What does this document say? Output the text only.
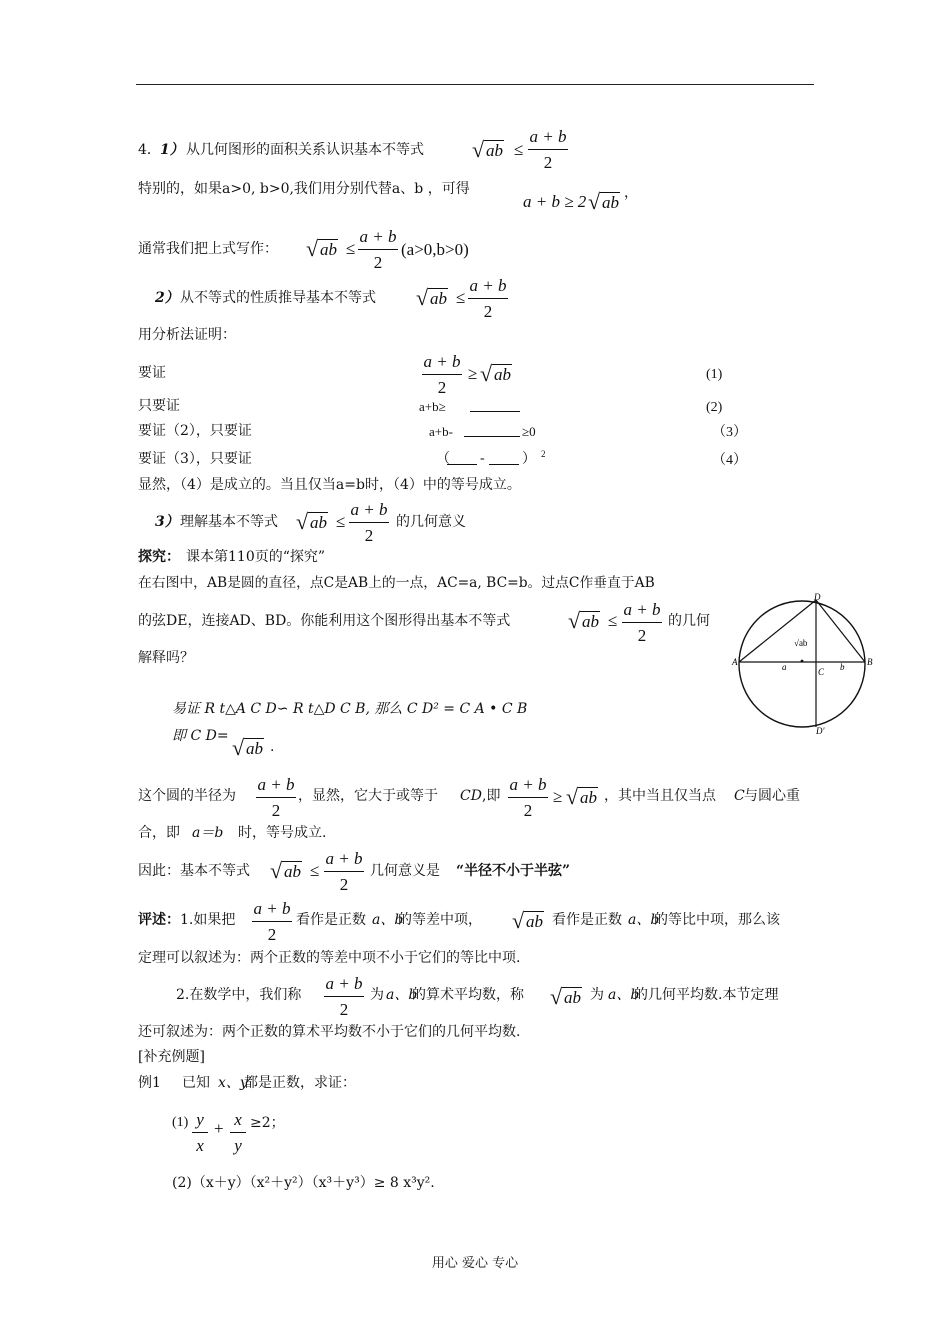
4． 1） 从几何图形的面积关系认识基本不等式 √ ab ≤
a + b
2
特别的，如果a>0, b>0,我们用分别代替a、b ，可得
a + b ≥ 2 √ ab ，
通常我们把上式写作： √ ab ≤
a + b
2
(a>0,b>0)
2） 从不等式的性质推导基本不等式 √ ab ≤
a + b
2
用分析法证明：
要证
a + b
2
≥ √ ab	(1)
只要证	a+b≥	(2)
要证（2），只要证	a+b-	≥0	（3）
要证（3），只要证	（ -	） 2	（4）
显然，（4）是成立的。当且仅当a=b时，（4）中的等号成立。
3） 理解基本不等式 √ ab ≤
a + b
2
的几何意义
探究： 课本第110页的“探究”
在右图中，AB是圆的直径，点C是AB上的一点，AC=a, BC=b。过点C作垂直于AB
的弦DE，连接AD、BD。你能利用这个图形得出基本不等式	√ ab ≤
a + b
2
的几何
解释吗？	A	B
C
D
D'
a	b
√ab
易证 R t△A C D∽ R t△D C B, 那么 C D² = C A • C B
即 C D= √ ab .
这个圆的半径为
a + b
2
，显然，它大于或等于 CD ,即
a + b
2
≥ √ ab ，其中当且仅当点 C 与圆心重
合，即 a＝b 时，等号成立.
因此：基本不等式 √ ab ≤
a + b
2
几何意义是 “半径不小于半弦”
评述： 1.如果把
a + b
2
看作是正数 a、b
的等差中项， √ ab 看作是正数 a、b
的等比中项，那么该
定理可以叙述为：两个正数的等差中项不小于它们的等比中项.
2.在数学中，我们称
a + b
2
为 a、b
的算术平均数，称 √ ab 为 a、b
的几何平均数.本节定理
还可叙述为：两个正数的算术平均数不小于它们的几何平均数.
[补充例题]
例1 已知 x、y
都是正数，求证：
(1) y
x
+ x
y
≥2；
(2)（x＋y）（x²＋y²）（x³＋y³）≥ 8 x³y².
用心 爱心 专心
